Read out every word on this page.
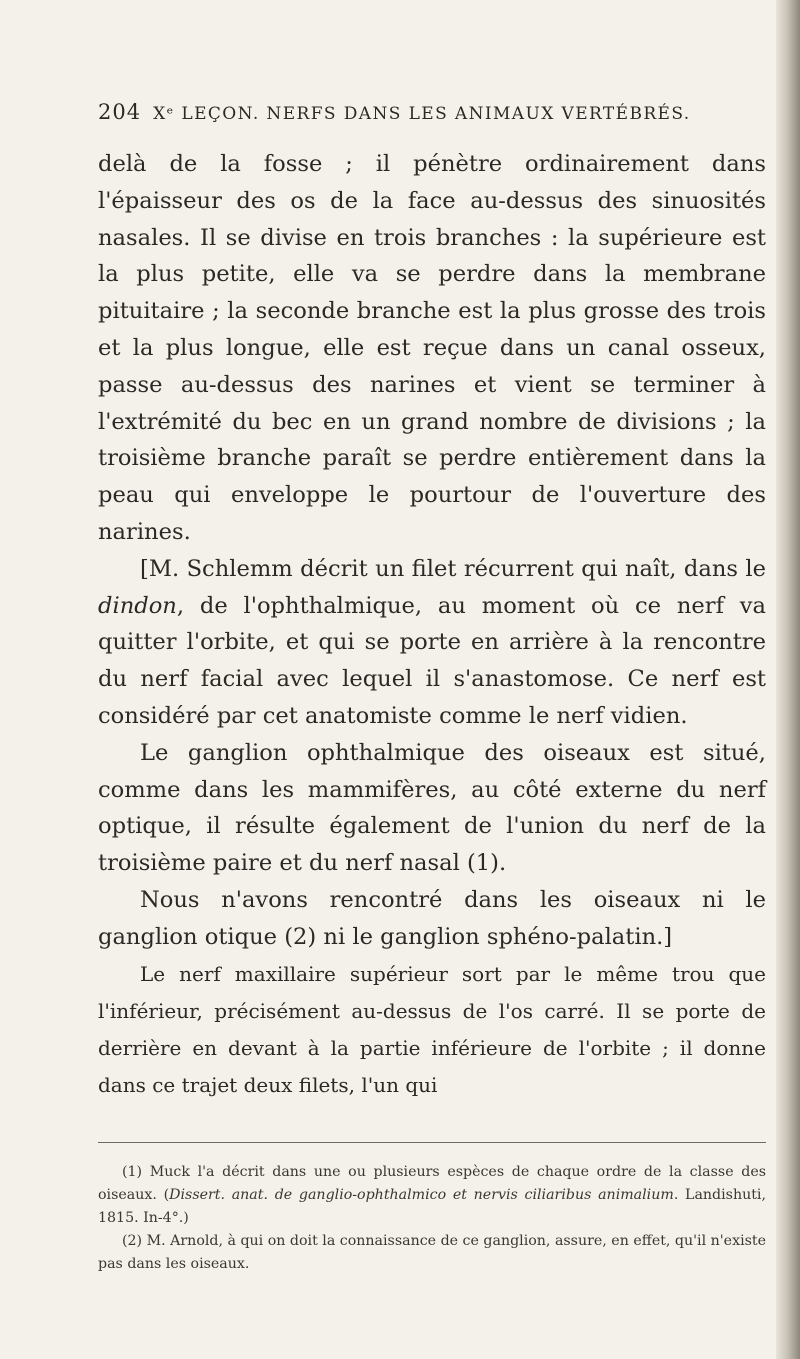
204 Xᵉ LEÇON. NERFS DANS LES ANIMAUX VERTÉBRÉS.

delà de la fosse ; il pénètre ordinairement dans l'épaisseur des os de la face au-dessus des sinuosités nasales. Il se divise en trois branches : la supérieure est la plus petite, elle va se perdre dans la membrane pituitaire ; la seconde branche est la plus grosse des trois et la plus longue, elle est reçue dans un canal osseux, passe au-dessus des narines et vient se terminer à l'extrémité du bec en un grand nombre de divisions ; la troisième branche paraît se perdre entièrement dans la peau qui enveloppe le pourtour de l'ouverture des narines.

[M. Schlemm décrit un filet récurrent qui naît, dans le dindon, de l'ophthalmique, au moment où ce nerf va quitter l'orbite, et qui se porte en arrière à la rencontre du nerf facial avec lequel il s'anastomose. Ce nerf est considéré par cet anatomiste comme le nerf vidien.

Le ganglion ophthalmique des oiseaux est situé, comme dans les mammifères, au côté externe du nerf optique, il résulte également de l'union du nerf de la troisième paire et du nerf nasal (1).

Nous n'avons rencontré dans les oiseaux ni le ganglion otique (2) ni le ganglion sphéno-palatin.]

Le nerf maxillaire supérieur sort par le même trou que l'inférieur, précisément au-dessus de l'os carré. Il se porte de derrière en devant à la partie inférieure de l'orbite ; il donne dans ce trajet deux filets, l'un qui

(1) Muck l'a décrit dans une ou plusieurs espèces de chaque ordre de la classe des oiseaux. (Dissert. anat. de ganglio-ophthalmico et nervis ciliaribus animalium. Landishuti, 1815. In-4°.)

(2) M. Arnold, à qui on doit la connaissance de ce ganglion, assure, en effet, qu'il n'existe pas dans les oiseaux.
